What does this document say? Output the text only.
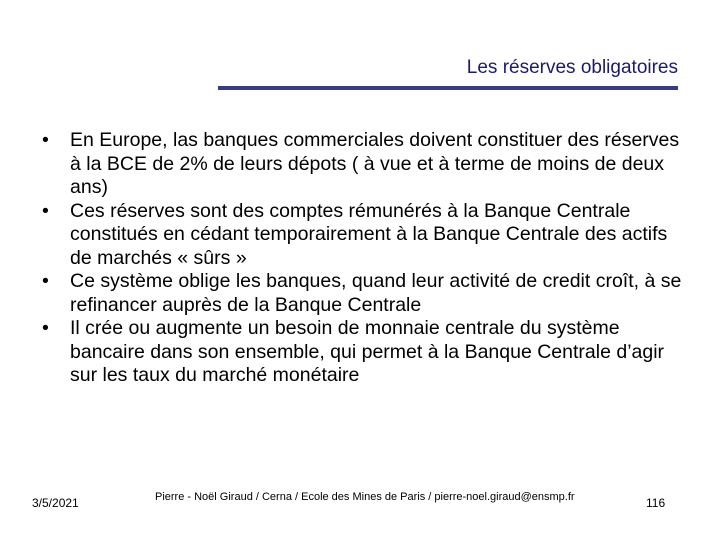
Les réserves obligatoires
•	En Europe, las banques commerciales doivent constituer des réserves à la BCE de 2% de leurs dépots ( à vue et à terme de moins de deux ans)
•	Ces réserves sont des comptes rémunérés à la Banque Centrale constitués en cédant temporairement à la Banque Centrale des actifs de marchés « sûrs »
•	Ce système oblige les banques, quand leur activité de credit croît, à se refinancer auprès de la Banque Centrale
•	Il crée ou augmente un besoin de monnaie centrale du système bancaire dans son ensemble, qui permet à la Banque Centrale d’agir sur les taux du marché monétaire
3/5/2021	Pierre - Noël Giraud / Cerna / Ecole des Mines de Paris / pierre-noel.giraud@ensmp.fr	116
